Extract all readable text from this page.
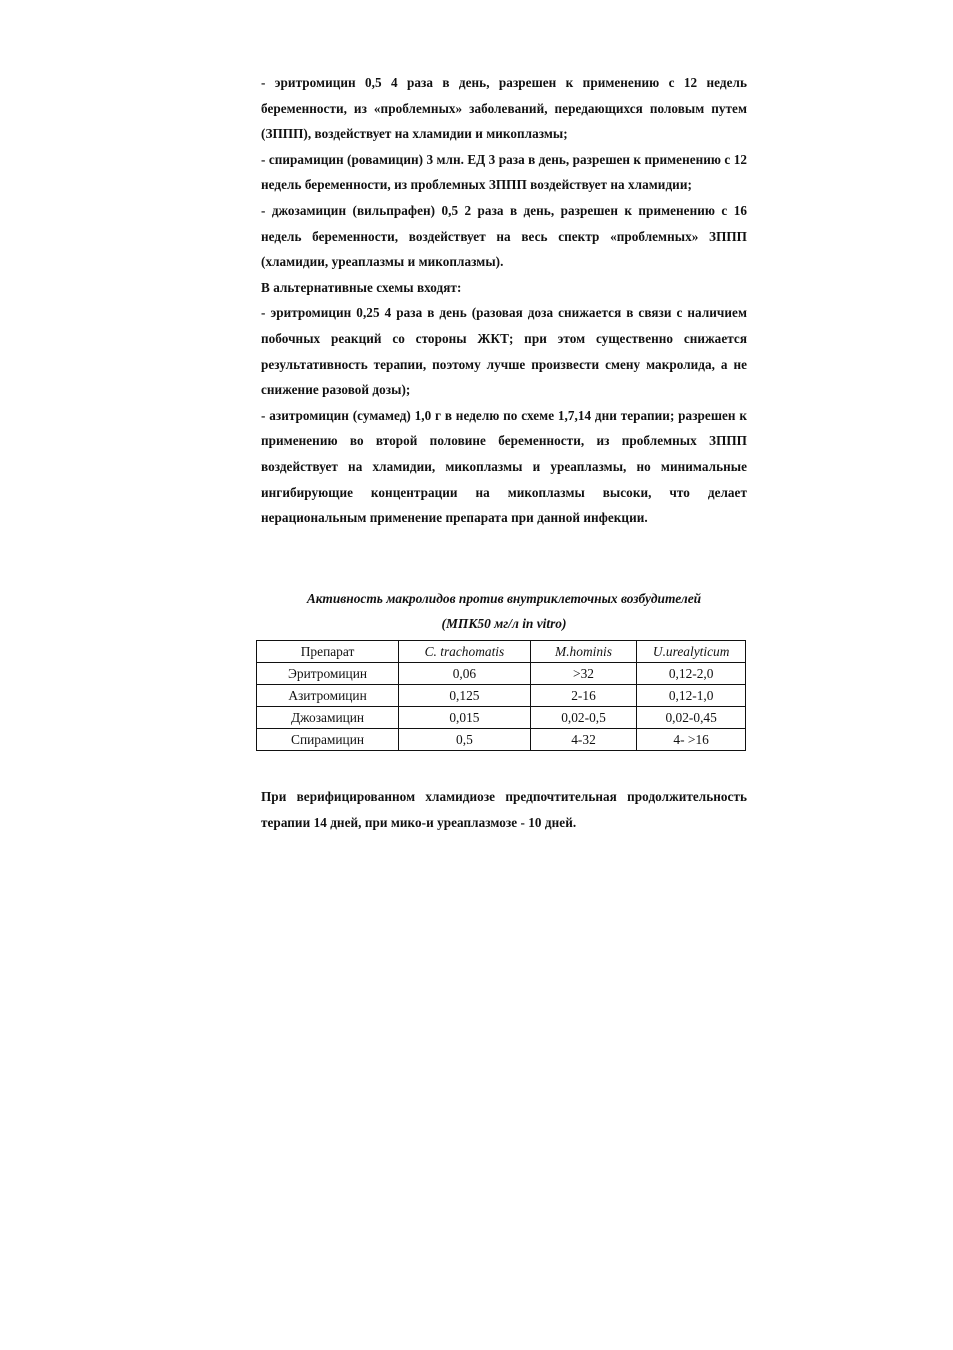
- эритромицин 0,5 4 раза в день, разрешен к применению с 12 недель беременности, из «проблемных» заболеваний, передающихся половым путем (ЗППП), воздействует на хламидии и микоплазмы;

- спирамицин (ровамицин) 3 млн. ЕД 3 раза в день, разрешен к применению с 12 недель беременности, из проблемных ЗППП воздействует на хламидии;

- джозамицин (вильпрафен) 0,5 2 раза в день, разрешен к применению с 16 недель беременности, воздействует на весь спектр «проблемных» ЗППП (хламидии, уреаплазмы и микоплазмы).

В альтернативные схемы входят:

- эритромицин 0,25 4 раза в день (разовая доза снижается в связи с наличием побочных реакций со стороны ЖКТ; при этом существенно снижается результативность терапии, поэтому лучше произвести смену макролида, а не снижение разовой дозы);

- азитромицин (сумамед) 1,0 г в неделю по схеме 1,7,14 дни терапии; разрешен к применению во второй половине беременности, из проблемных ЗППП воздействует на хламидии, микоплазмы и уреаплазмы, но минимальные ингибирующие концентрации на микоплазмы высоки, что делает нерациональным применение препарата при данной инфекции.

Активность макролидов против внутриклеточных возбудителей
(МПК50 мг/л in vitro)
Препарат	C. trachomatis	M.hominis	U.urealyticum
Эритромицин	0,06	>32	0,12-2,0
Азитромицин	0,125	2-16	0,12-1,0
Джозамицин	0,015	0,02-0,5	0,02-0,45
Спирамицин	0,5	4-32	4- >16

При верифицированном хламидиозе предпочтительная продолжительность терапии 14 дней, при мико-и уреаплазмозе - 10 дней.
